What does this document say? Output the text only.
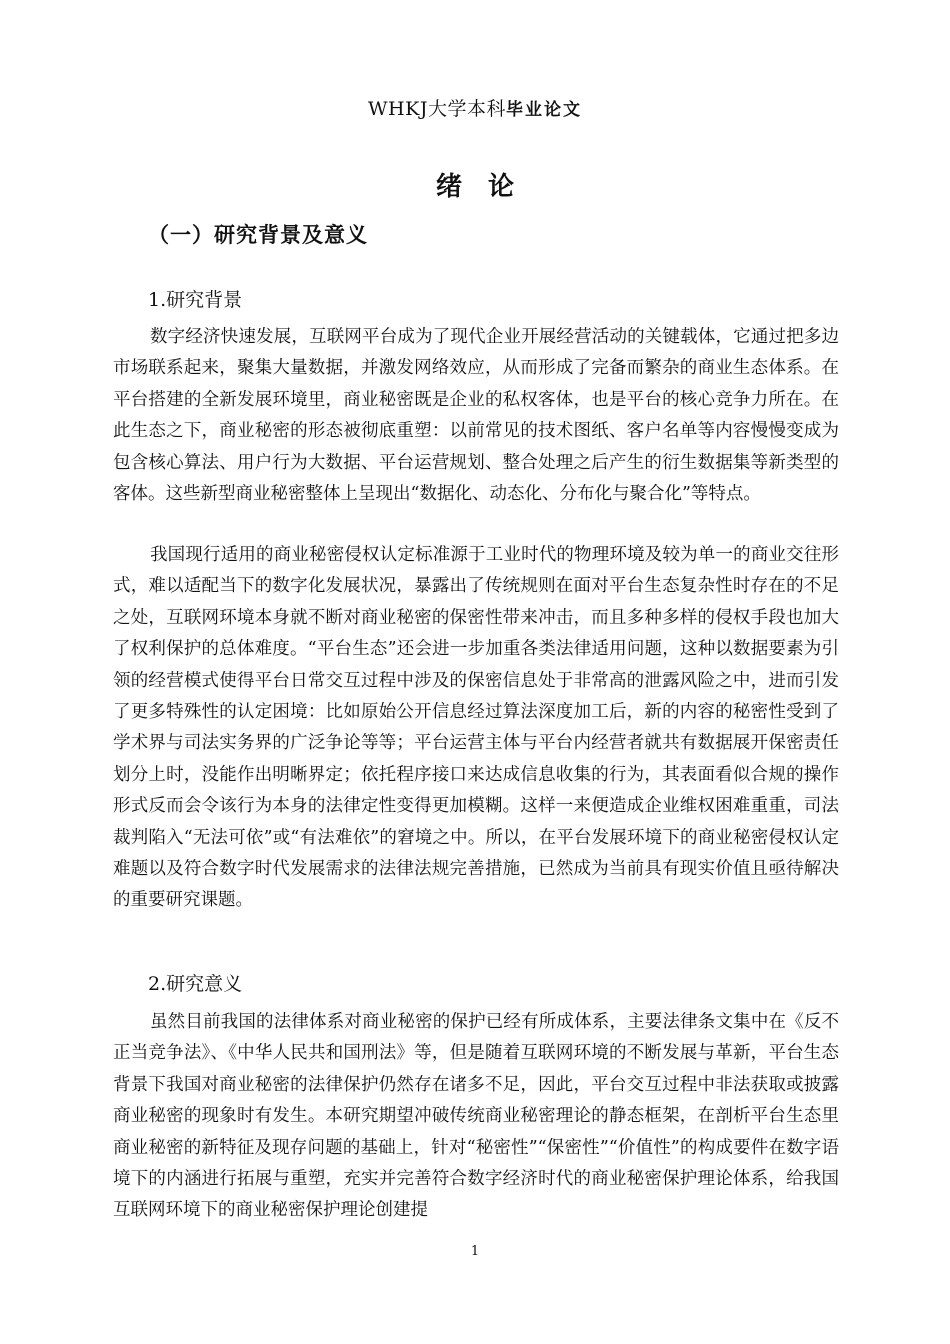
WHKJ大学本科毕业论文
绪论
（一）研究背景及意义
1.研究背景

数字经济快速发展，互联网平台成为了现代企业开展经营活动的关键载体，它通过把多边市场联系起来，聚集大量数据，并激发网络效应，从而形成了完备而繁杂的商业生态体系。在平台搭建的全新发展环境里，商业秘密既是企业的私权客体，也是平台的核心竞争力所在。在此生态之下，商业秘密的形态被彻底重塑：以前常见的技术图纸、客户名单等内容慢慢变成为包含核心算法、用户行为大数据、平台运营规划、整合处理之后产生的衍生数据集等新类型的客体。这些新型商业秘密整体上呈现出“数据化、动态化、分布化与聚合化”等特点。

我国现行适用的商业秘密侵权认定标准源于工业时代的物理环境及较为单一的商业交往形式，难以适配当下的数字化发展状况，暴露出了传统规则在面对平台生态复杂性时存在的不足之处，互联网环境本身就不断对商业秘密的保密性带来冲击，而且多种多样的侵权手段也加大了权利保护的总体难度。“平台生态”还会进一步加重各类法律适用问题，这种以数据要素为引领的经营模式使得平台日常交互过程中涉及的保密信息处于非常高的泄露风险之中，进而引发了更多特殊性的认定困境：比如原始公开信息经过算法深度加工后，新的内容的秘密性受到了学术界与司法实务界的广泛争论等等；平台运营主体与平台内经营者就共有数据展开保密责任划分上时，没能作出明晰界定；依托程序接口来达成信息收集的行为，其表面看似合规的操作形式反而会令该行为本身的法律定性变得更加模糊。这样一来便造成企业维权困难重重，司法裁判陷入“无法可依”或“有法难依”的窘境之中。所以，在平台发展环境下的商业秘密侵权认定难题以及符合数字时代发展需求的法律法规完善措施，已然成为当前具有现实价值且亟待解决的重要研究课题。

2.研究意义

虽然目前我国的法律体系对商业秘密的保护已经有所成体系，主要法律条文集中在《反不正当竞争法》、《中华人民共和国刑法》等，但是随着互联网环境的不断发展与革新，平台生态背景下我国对商业秘密的法律保护仍然存在诸多不足，因此，平台交互过程中非法获取或披露商业秘密的现象时有发生。本研究期望冲破传统商业秘密理论的静态框架，在剖析平台生态里商业秘密的新特征及现存问题的基础上，针对“秘密性”“保密性”“价值性”的构成要件在数字语境下的内涵进行拓展与重塑，充实并完善符合数字经济时代的商业秘密保护理论体系，给我国互联网环境下的商业秘密保护理论创建提

1
